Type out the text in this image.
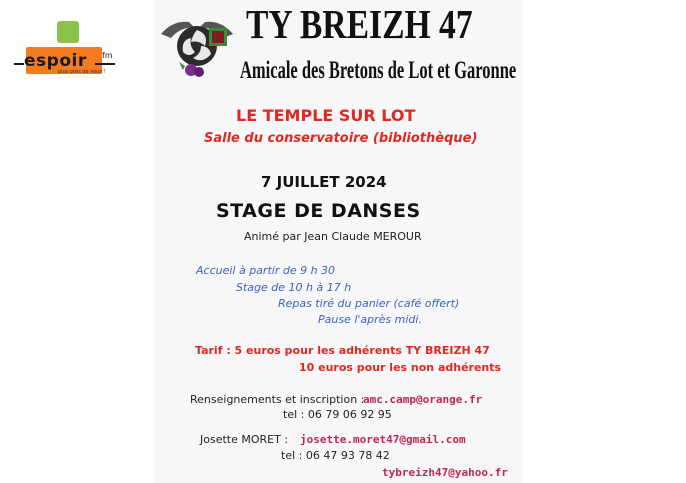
espoir fm
plus près de vous !
TY BREIZH 47
Amicale des Bretons de Lot et Garonne
LE TEMPLE SUR LOT
Salle du conservatoire (bibliothèque)
7 JUILLET 2024
STAGE DE DANSES
Animé par Jean Claude MEROUR
Accueil à partir de 9 h 30
Stage de 10 h à 17 h
Repas tiré du panier (café offert)
Pause l'après midi.
Tarif : 5 euros pour les adhérents TY BREIZH 47
10 euros pour les non adhérents
Renseignements et inscription :
amc.camp@orange.fr
tel : 06 79 06 92 95
Josette MORET : josette.moret47@gmail.com
tel : 06 47 93 78 42
tybreizh47@yahoo.fr
